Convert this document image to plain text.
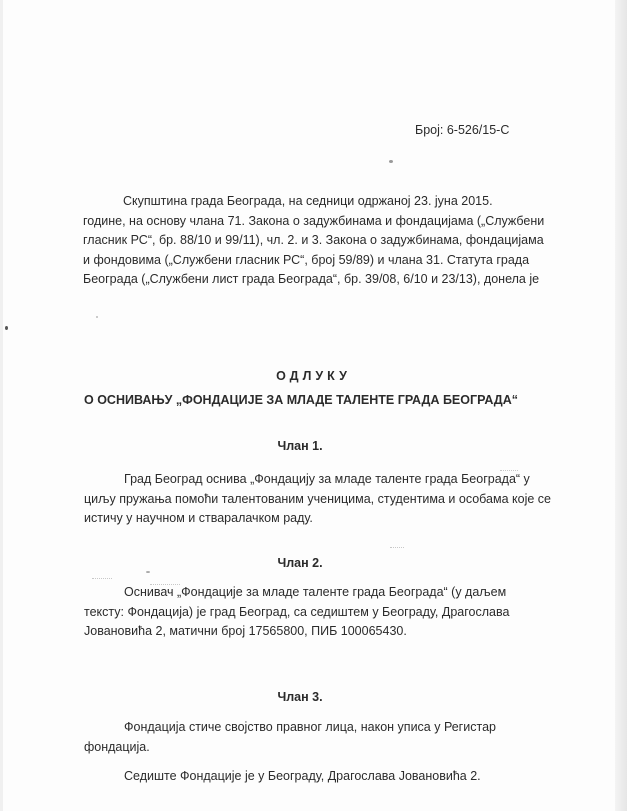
Број: 6-526/15-С
Скупштина града Београда, на седници одржаној 23. јуна 2015.
године, на основу члана 71. Закона о задужбинама и фондацијама („Службени
гласник РС“, бр. 88/10 и 99/11), чл. 2. и 3. Закона о задужбинама, фондацијама
и фондовима („Службени гласник РС“, број 59/89) и члана 31. Статута града
Београда („Службени лист града Београда“, бр. 39/08, 6/10 и 23/13), донела је
ОДЛУКУ
О ОСНИВАЊУ „ФОНДАЦИЈЕ ЗА МЛАДЕ ТАЛЕНТЕ ГРАДА БЕОГРАДА“
Члан 1.
Град Београд оснива „Фондацију за младе таленте града Београда“ у
циљу пружања помоћи талентованим ученицима, студентима и особама које се
истичу у научном и стваралачком раду.
Члан 2.
Оснивач „Фондације за младе таленте града Београда“ (у даљем
тексту: Фондација) је град Београд, са седиштем у Београду, Драгослава
Јовановића 2, матични број 17565800, ПИБ 100065430.
Члан 3.
Фондација стиче својство правног лица, након уписа у Регистар
фондација.
Седиште Фондације је у Београду, Драгослава Јовановића 2.
